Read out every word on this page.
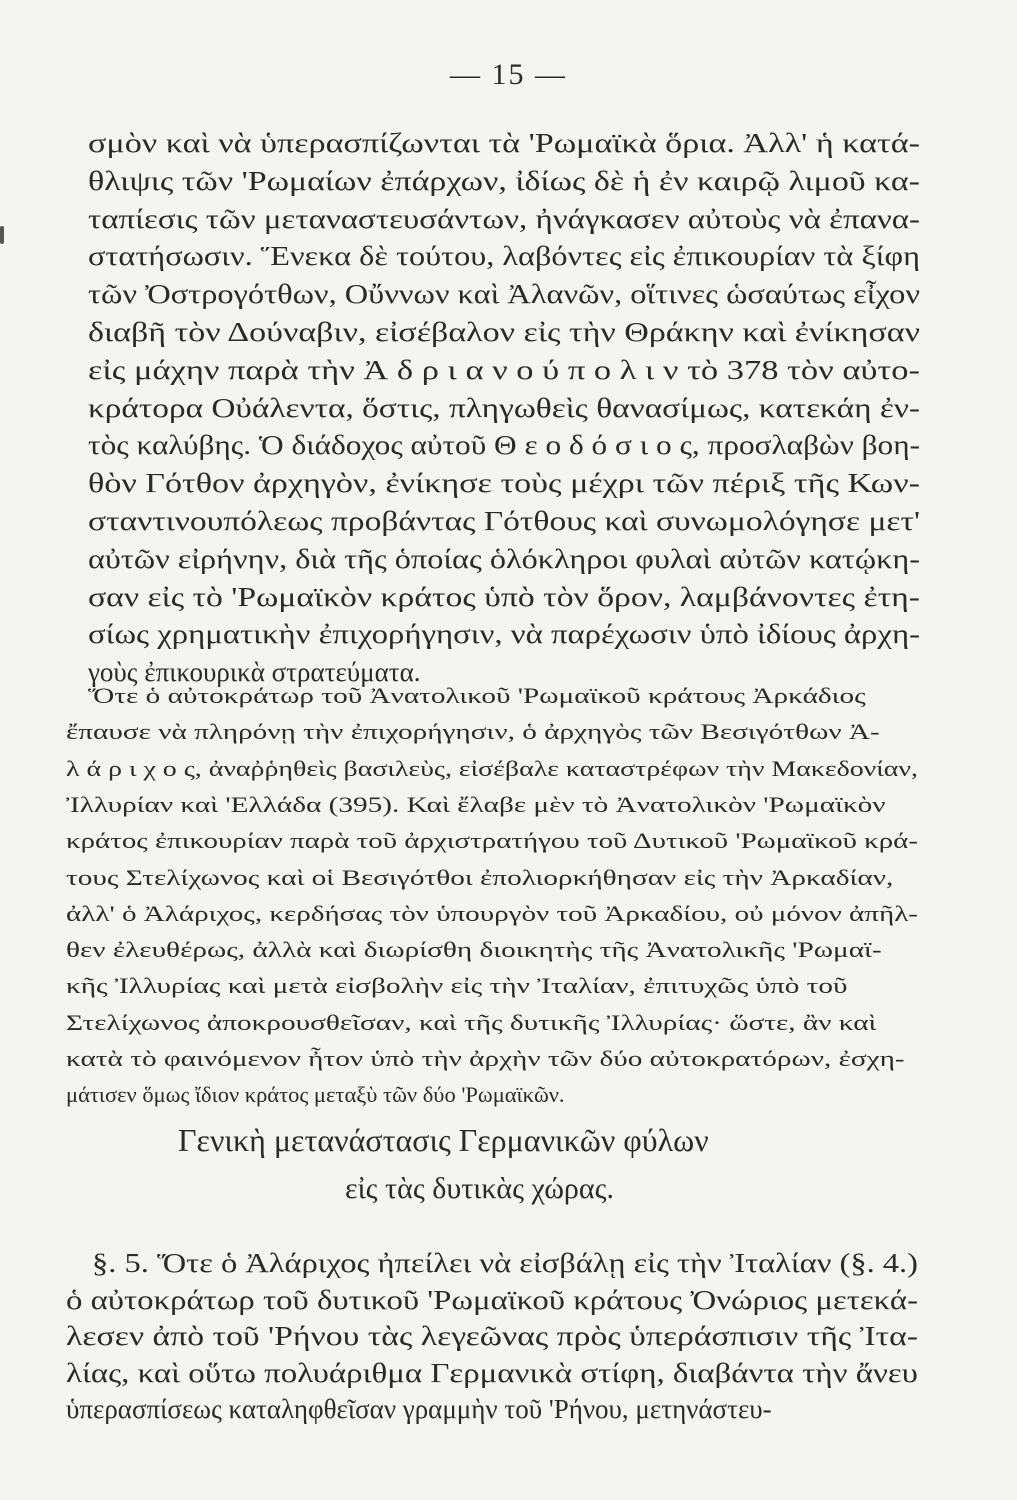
— 15 —
σμὸν καὶ νὰ ὑπερασπίζωνται τὰ 'Ρωμαϊκὰ ὅρια. Ἀλλ' ἡ κατά-
θλιψις τῶν 'Ρωμαίων ἐπάρχων, ἰδίως δὲ ἡ ἐν καιρῷ λιμοῦ κα-
ταπίεσις τῶν μεταναστευσάντων, ἠνάγκασεν αὐτοὺς νὰ ἐπανα-
στατήσωσιν. Ἕνεκα δὲ τούτου, λαβόντες εἰς ἐπικουρίαν τὰ ξίφη
τῶν Ὀστρογότθων, Οὔννων καὶ Ἀλανῶν, οἵτινες ὡσαύτως εἶχον
διαβῆ τὸν Δούναβιν, εἰσέβαλον εἰς τὴν Θράκην καὶ ἐνίκησαν
εἰς μάχην παρὰ τὴν Ἀ δ ρ ι α ν ο ύ π ο λ ι ν τὸ 378 τὸν αὐτο-
κράτορα Οὐάλεντα, ὅστις, πληγωθεὶς θανασίμως, κατεκάη ἐν-
τὸς καλύβης. Ὁ διάδοχος αὐτοῦ Θ ε ο δ ό σ ι ο ς, προσλαβὼν βοη-
θὸν Γότθον ἀρχηγὸν, ἐνίκησε τοὺς μέχρι τῶν πέριξ τῆς Κων-
σταντινουπόλεως προβάντας Γότθους καὶ συνωμολόγησε μετ'
αὐτῶν εἰρήνην, διὰ τῆς ὁποίας ὁλόκληροι φυλαὶ αὐτῶν κατῴκη-
σαν εἰς τὸ 'Ρωμαϊκὸν κράτος ὑπὸ τὸν ὅρον, λαμβάνοντες ἐτη-
σίως χρηματικὴν ἐπιχορήγησιν, νὰ παρέχωσιν ὑπὸ ἰδίους ἀρχη-
γοὺς ἐπικουρικὰ στρατεύματα.
Ὅτε ὁ αὐτοκράτωρ τοῦ Ἀνατολικοῦ 'Ρωμαϊκοῦ κράτους Ἀρκάδιος
ἔπαυσε νὰ πληρόνῃ τὴν ἐπιχορήγησιν, ὁ ἀρχηγὸς τῶν Βεσιγότθων Ἀ-
λ ά ρ ι χ ο ς, ἀναῤῥηθεὶς βασιλεὺς, εἰσέβαλε καταστρέφων τὴν Μακεδονίαν,
Ἰλλυρίαν καὶ 'Ελλάδα (395). Καὶ ἔλαβε μὲν τὸ Ἀνατολικὸν 'Ρωμαϊκὸν
κράτος ἐπικουρίαν παρὰ τοῦ ἀρχιστρατήγου τοῦ Δυτικοῦ 'Ρωμαϊκοῦ κρά-
τους Στελίχωνος καὶ οἱ Βεσιγότθοι ἐπολιορκήθησαν εἰς τὴν Ἀρκαδίαν,
ἀλλ' ὁ Ἀλάριχος, κερδήσας τὸν ὑπουργὸν τοῦ Ἀρκαδίου, οὐ μόνον ἀπῆλ-
θεν ἐλευθέρως, ἀλλὰ καὶ διωρίσθη διοικητὴς τῆς Ἀνατολικῆς 'Ρωμαϊ-
κῆς Ἰλλυρίας καὶ μετὰ εἰσβολὴν εἰς τὴν Ἰταλίαν, ἐπιτυχῶς ὑπὸ τοῦ
Στελίχωνος ἀποκρουσθεῖσαν, καὶ τῆς δυτικῆς Ἰλλυρίας· ὥστε, ἂν καὶ
κατὰ τὸ φαινόμενον ἦτον ὑπὸ τὴν ἀρχὴν τῶν δύο αὐτοκρατόρων, ἐσχη-
μάτισεν ὅμως ἴδιον κράτος μεταξὺ τῶν δύο 'Ρωμαϊκῶν.
Γενικὴ μετανάστασις Γερμανικῶν φύλων
εἰς τὰς δυτικὰς χώρας.
§. 5. Ὅτε ὁ Ἀλάριχος ἠπείλει νὰ εἰσβάλῃ εἰς τὴν Ἰταλίαν (§. 4.)
ὁ αὐτοκράτωρ τοῦ δυτικοῦ 'Ρωμαϊκοῦ κράτους Ὀνώριος μετεκά-
λεσεν ἀπὸ τοῦ 'Ρήνου τὰς λεγεῶνας πρὸς ὑπεράσπισιν τῆς Ἰτα-
λίας, καὶ οὕτω πολυάριθμα Γερμανικὰ στίφη, διαβάντα τὴν ἄνευ
ὑπερασπίσεως καταληφθεῖσαν γραμμὴν τοῦ 'Ρήνου, μετηνάστευ-
